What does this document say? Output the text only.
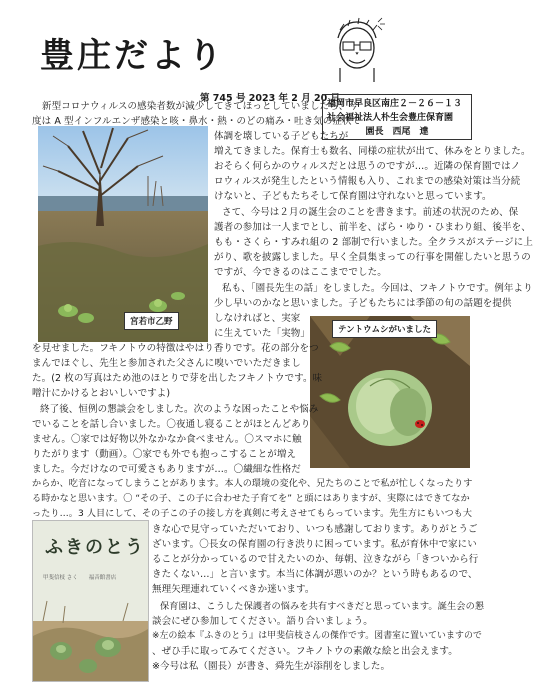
豊庄だより
第 745 号 2023 年 2 月 20 日
福岡市早良区南庄２－２６－１３
社会福祉法人朴生会豊庄保育園
園長　西尾　達
宮若市乙野
テントウムシがいました
ふきのとう
甲斐信枝 さく　　福音館書店
新型コロナウィルスの感染者数が減少してきてほっとしていましたら、今
度は A 型インフルエンザ感染と咳・鼻水・熱・のどの痛み・吐き気の症状で
体調を壊している子どもたちが
増えてきました。保育士も数名、同様の症状が出て、休みをとりました。
おそらく何らかのウィルスだとは思うのですが…。近隣の保育園ではノ
ロウィルスが発生したという情報も入り、これまでの感染対策は当分続
けないと、子どもたちそして保育園は守れないと思っています。
さて、今号は２月の誕生会のことを書きます。前述の状況のため、保
護者の参加は一人までとし、前半を、ばら・ゆり・ひまわり組、後半を、
もも・さくら・すみれ組の 2 部制で行いました。全クラスがステージに上
がり、歌を披露しました。早く全員集まっての行事を開催したいと思うの
ですが、今できるのはここまででした。
私も、「園長先生の話」をしました。今回は、フキノトウです。例年より
少し早いのかなと思いました。子どもたちには季節の旬の話題を提供
しなければと、実家
に生えていた「実物」
を見せました。フキノトウの特徴はやはり香りです。花の部分をつ
まんでほぐし、先生と参加された父さんに嗅いでいただきまし
た。(2 枚の写真はため池のほとりで芽を出したフキノトウです。味
噌汁にかけるとおいしいですよ)
終了後、恒例の懇談会をしました。次のような困ったことや悩み
でいることを話し合いました。〇夜通し寝ることがほとんどあり
ません。〇家では好物以外なかなか食べません。〇スマホに触
りたがります（動画）。〇家でも外でも抱っこすることが増え
ました。今だけなので可愛さもありますが…。〇繊細な性格だ
からか、吃音になってしまうことがあります。本人の環境の変化や、兄たちのことで私が忙しくなったりす
る時かなと思います。〇 “その子、この子に合わせた子育てを” と頭にはありますが、実際にはできてなか
ったり…。3 人目にして、その子この子の接し方を真剣に考えさせてもらっています。先生方にもいつも大
きな心で見守っていただいており、いつも感謝しております。ありがとうご
ざいます。〇長女の保育園の行き渋りに困っています。私が育休中で家にい
ることが分かっているので甘えたいのか、毎朝、泣きながら「きついから行
きたくない…」と言います。本当に体調が悪いのか？という時もあるので、
無理矢理連れていくべきか迷います。
保育園は、こうした保護者の悩みを共有すべきだと思っています。誕生会の懇
談会にぜひ参加してください。語り合いましょう。
※左の絵本『ふきのとう』は甲斐信枝さんの傑作です。図書室に置いていますので
、ぜひ手に取ってみてください。フキノトウの素敵な絵と出会えます。
※今号は私（園長）が書き、舜先生が添削をしました。
